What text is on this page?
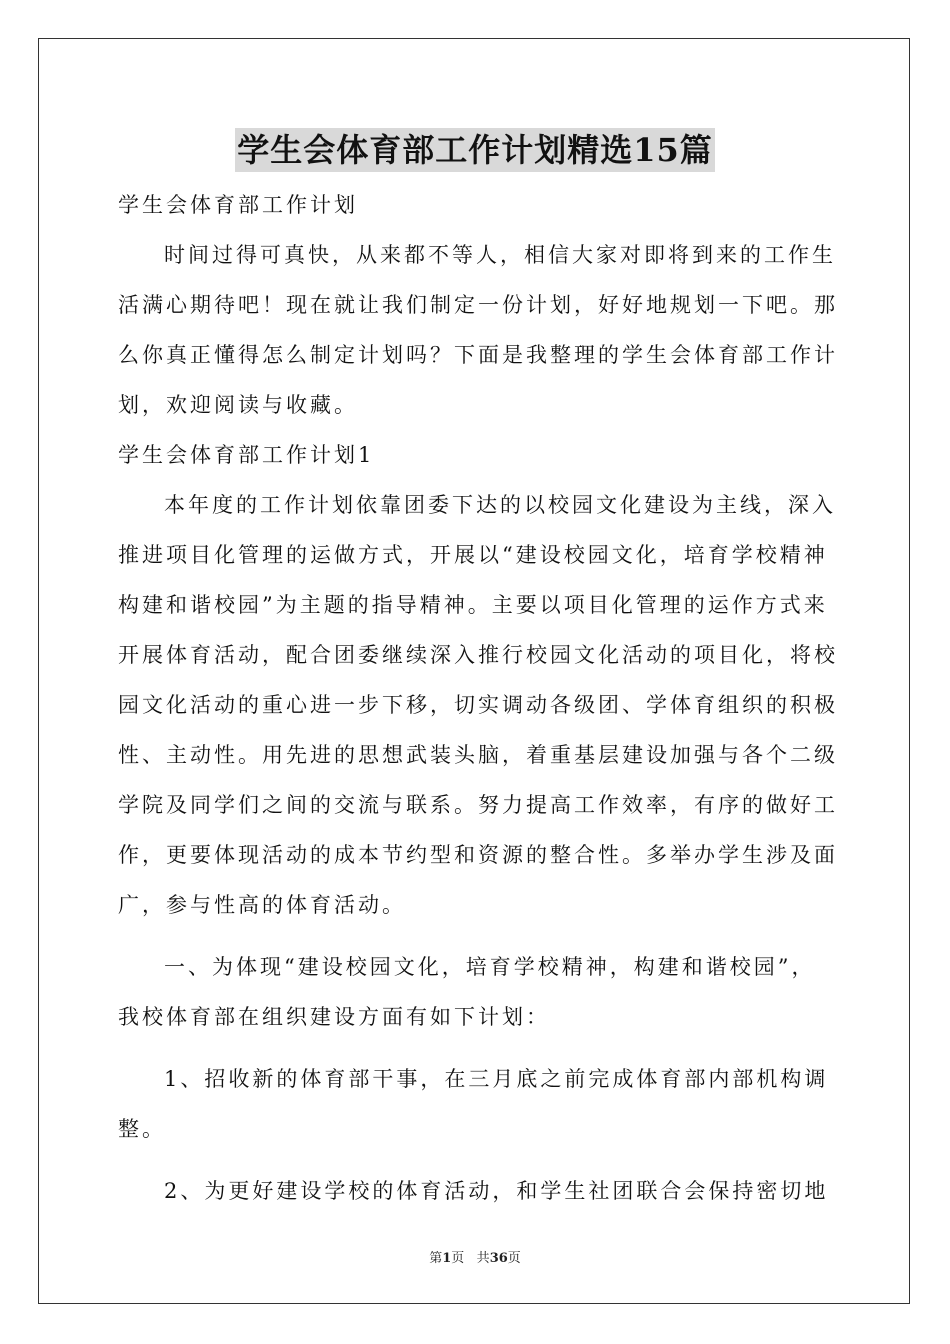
学生会体育部工作计划精选15篇
学生会体育部工作计划
时间过得可真快，从来都不等人，相信大家对即将到来的工作生
活满心期待吧！现在就让我们制定一份计划，好好地规划一下吧。那
么你真正懂得怎么制定计划吗？下面是我整理的学生会体育部工作计
划，欢迎阅读与收藏。
学生会体育部工作计划1
本年度的工作计划依靠团委下达的以校园文化建设为主线，深入
推进项目化管理的运做方式，开展以“建设校园文化，培育学校精神
构建和谐校园”为主题的指导精神。主要以项目化管理的运作方式来
开展体育活动，配合团委继续深入推行校园文化活动的项目化，将校
园文化活动的重心进一步下移，切实调动各级团、学体育组织的积极
性、主动性。用先进的思想武装头脑，着重基层建设加强与各个二级
学院及同学们之间的交流与联系。努力提高工作效率，有序的做好工
作，更要体现活动的成本节约型和资源的整合性。多举办学生涉及面
广，参与性高的体育活动。
一、为体现“建设校园文化，培育学校精神，构建和谐校园”，
我校体育部在组织建设方面有如下计划：
1、招收新的体育部干事，在三月底之前完成体育部内部机构调
整。
2、为更好建设学校的体育活动，和学生社团联合会保持密切地
第1页 共36页
